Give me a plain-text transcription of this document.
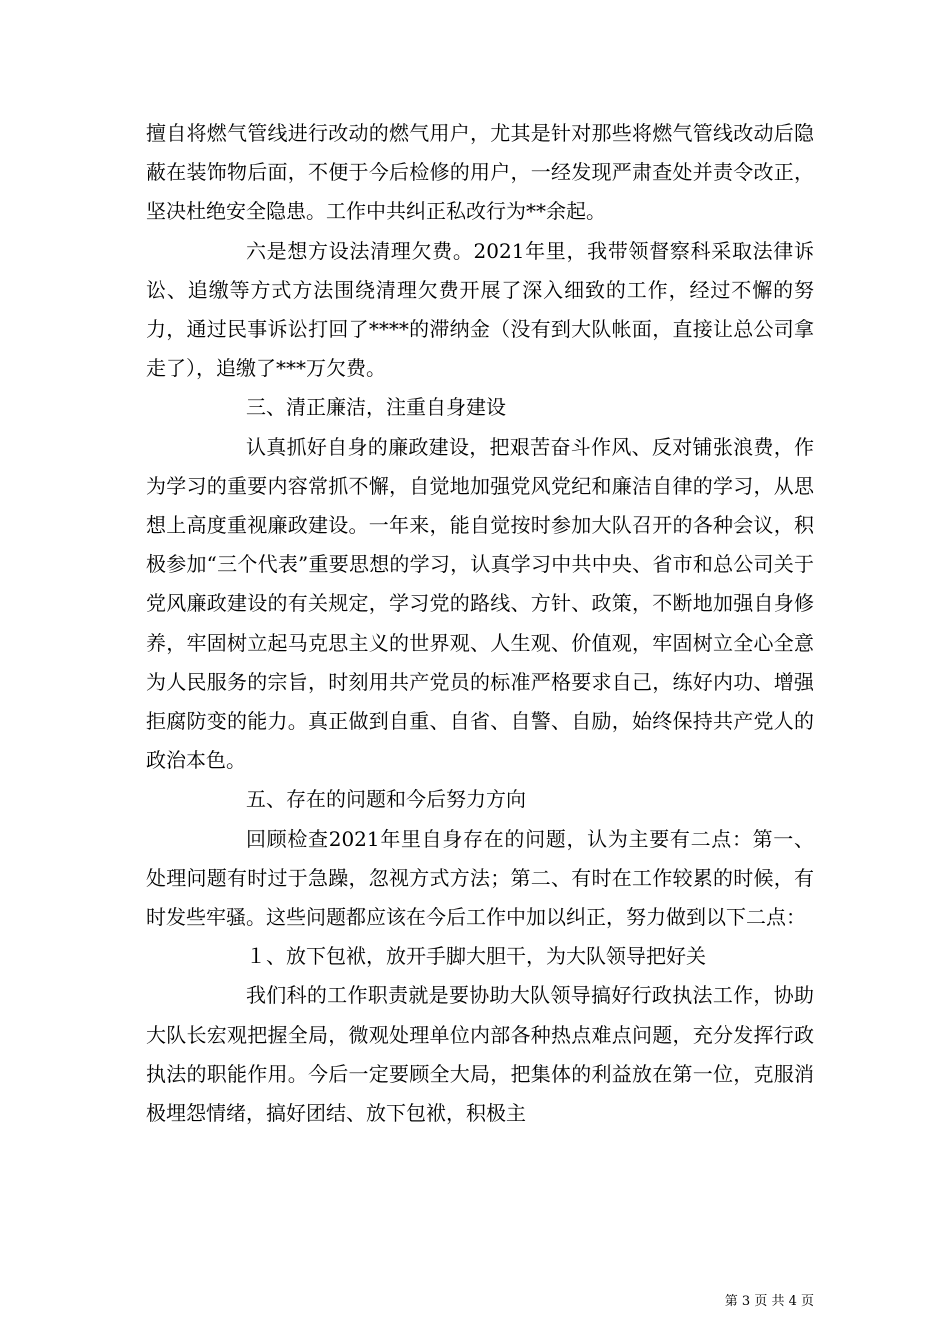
擅自将燃气管线进行改动的燃气用户，尤其是针对那些将燃气管线改动后隐蔽在装饰物后面，不便于今后检修的用户，一经发现严肃查处并责令改正，坚决杜绝安全隐患。工作中共纠正私改行为**余起。

六是想方设法清理欠费。2021年里，我带领督察科采取法律诉讼、追缴等方式方法围绕清理欠费开展了深入细致的工作，经过不懈的努力，通过民事诉讼打回了****的滞纳金（没有到大队帐面，直接让总公司拿走了），追缴了***万欠费。

三、清正廉洁，注重自身建设

认真抓好自身的廉政建设，把艰苦奋斗作风、反对铺张浪费，作为学习的重要内容常抓不懈，自觉地加强党风党纪和廉洁自律的学习，从思想上高度重视廉政建设。一年来，能自觉按时参加大队召开的各种会议，积极参加“三个代表”重要思想的学习，认真学习中共中央、省市和总公司关于党风廉政建设的有关规定，学习党的路线、方针、政策，不断地加强自身修养，牢固树立起马克思主义的世界观、人生观、价值观，牢固树立全心全意为人民服务的宗旨，时刻用共产党员的标准严格要求自己，练好内功、增强拒腐防变的能力。真正做到自重、自省、自警、自励，始终保持共产党人的政治本色。

五、存在的问题和今后努力方向

回顾检查2021年里自身存在的问题，认为主要有二点：第一、处理问题有时过于急躁，忽视方式方法；第二、有时在工作较累的时候，有时发些牢骚。这些问题都应该在今后工作中加以纠正，努力做到以下二点：

１、放下包袱，放开手脚大胆干，为大队领导把好关

我们科的工作职责就是要协助大队领导搞好行政执法工作，协助大队长宏观把握全局，微观处理单位内部各种热点难点问题，充分发挥行政执法的职能作用。今后一定要顾全大局，把集体的利益放在第一位，克服消极埋怨情绪，搞好团结、放下包袱，积极主

第 3 页 共 4 页
